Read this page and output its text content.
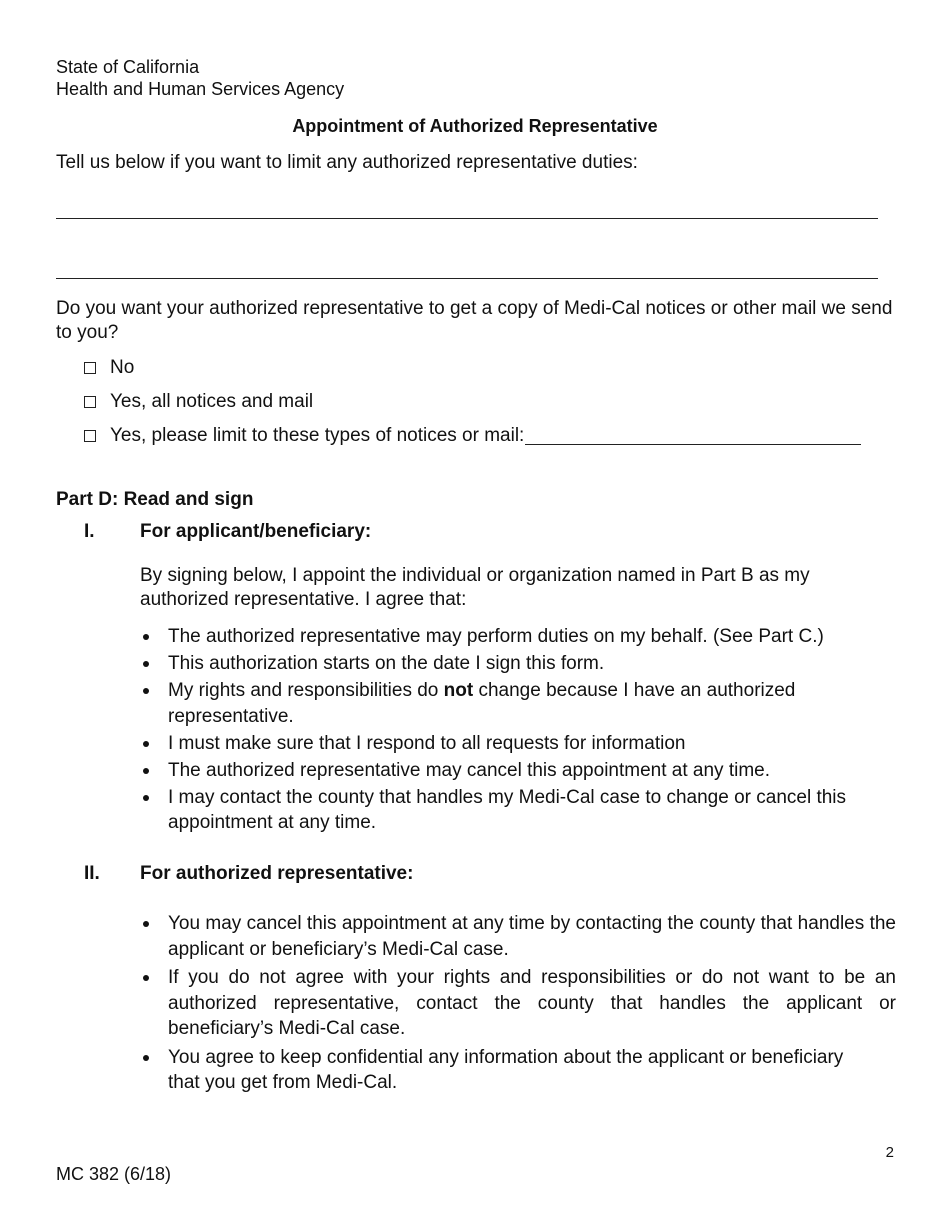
State of California
Health and Human Services Agency
Appointment of Authorized Representative
Tell us below if you want to limit any authorized representative duties:
Do you want your authorized representative to get a copy of Medi-Cal notices or other mail we send to you?
No
Yes, all notices and mail
Yes, please limit to these types of notices or mail:
Part D: Read and sign
I. For applicant/beneficiary:
By signing below, I appoint the individual or organization named in Part B as my authorized representative. I agree that:
The authorized representative may perform duties on my behalf. (See Part C.)
This authorization starts on the date I sign this form.
My rights and responsibilities do not change because I have an authorized representative.
I must make sure that I respond to all requests for information
The authorized representative may cancel this appointment at any time.
I may contact the county that handles my Medi-Cal case to change or cancel this appointment at any time.
II. For authorized representative:
You may cancel this appointment at any time by contacting the county that handles the applicant or beneficiary’s Medi-Cal case.
If you do not agree with your rights and responsibilities or do not want to be an authorized representative, contact the county that handles the applicant or beneficiary’s Medi-Cal case.
You agree to keep confidential any information about the applicant or beneficiary that you get from Medi-Cal.
2
MC 382 (6/18)
